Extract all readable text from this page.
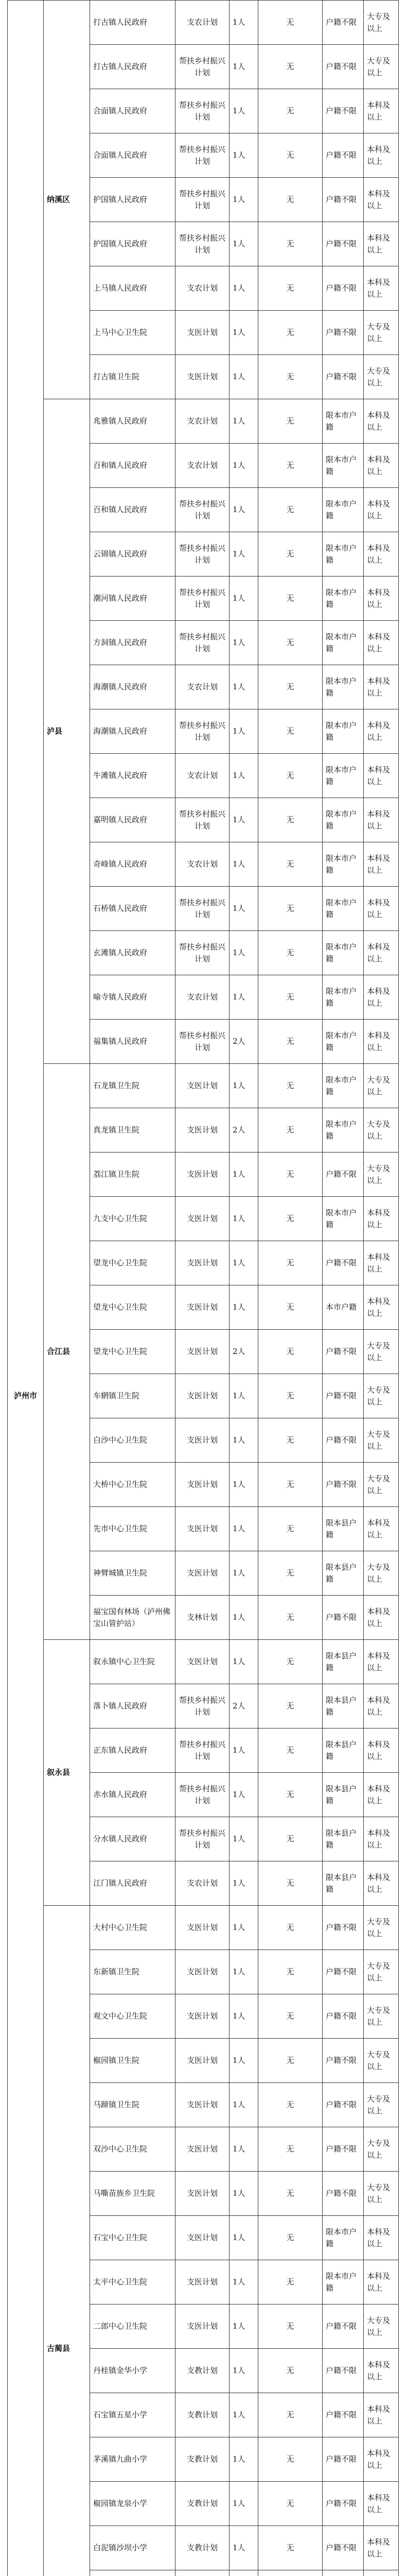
泸州市	纳溪区	打古镇人民政府	支农计划	1人	无	户籍不限	大专及以上
		打古镇人民政府	帮扶乡村振兴计划	1人	无	户籍不限	大专及以上
		合面镇人民政府	帮扶乡村振兴计划	1人	无	户籍不限	本科及以上
		合面镇人民政府	帮扶乡村振兴计划	1人	无	户籍不限	本科及以上
		护国镇人民政府	帮扶乡村振兴计划	1人	无	户籍不限	本科及以上
		护国镇人民政府	帮扶乡村振兴计划	1人	无	户籍不限	本科及以上
		上马镇人民政府	支农计划	1人	无	户籍不限	本科及以上
		上马中心卫生院	支医计划	1人	无	户籍不限	大专及以上
		打古镇卫生院	支医计划	1人	无	户籍不限	大专及以上
	泸县	兆雅镇人民政府	支农计划	1人	无	限本市户籍	本科及以上
		百和镇人民政府	支农计划	1人	无	限本市户籍	本科及以上
		百和镇人民政府	帮扶乡村振兴计划	1人	无	限本市户籍	本科及以上
		云锦镇人民政府	帮扶乡村振兴计划	1人	无	限本市户籍	本科及以上
		潮河镇人民政府	帮扶乡村振兴计划	1人	无	限本市户籍	本科及以上
		方洞镇人民政府	帮扶乡村振兴计划	1人	无	限本市户籍	本科及以上
		海潮镇人民政府	支农计划	1人	无	限本市户籍	本科及以上
		海潮镇人民政府	帮扶乡村振兴计划	1人	无	限本市户籍	本科及以上
		牛滩镇人民政府	支农计划	1人	无	限本市户籍	本科及以上
		嘉明镇人民政府	帮扶乡村振兴计划	1人	无	限本市户籍	本科及以上
		奇峰镇人民政府	支农计划	1人	无	限本市户籍	本科及以上
		石桥镇人民政府	帮扶乡村振兴计划	1人	无	限本市户籍	本科及以上
		玄滩镇人民政府	帮扶乡村振兴计划	1人	无	限本市户籍	本科及以上
		喻寺镇人民政府	支农计划	1人	无	限本市户籍	本科及以上
		福集镇人民政府	帮扶乡村振兴计划	2人	无	限本市户籍	本科及以上
	合江县	石龙镇卫生院	支医计划	1人	无	限本市户籍	大专及以上
		真龙镇卫生院	支医计划	2人	无	限本市户籍	大专及以上
		荔江镇卫生院	支医计划	1人	无	户籍不限	大专及以上
		九支中心卫生院	支医计划	1人	无	限本市户籍	本科及以上
		望龙中心卫生院	支医计划	1人	无	户籍不限	本科及以上
		望龙中心卫生院	支医计划	1人	无	本市户籍	本科及以上
		望龙中心卫生院	支医计划	2人	无	户籍不限	大专及以上
		车辋镇卫生院	支医计划	1人	无	户籍不限	大专及以上
		白沙中心卫生院	支医计划	1人	无	户籍不限	大专及以上
		大桥中心卫生院	支医计划	1人	无	户籍不限	大专及以上
		先市中心卫生院	支医计划	1人	无	限本县户籍	本科及以上
		神臂城镇卫生院	支医计划	1人	无	限本县户籍	大专及以上
		福宝国有林场（泸州佛宝山管护站）	支林计划	1人	无	户籍不限	本科及以上
	叙永县	叙永镇中心卫生院	支医计划	1人	无	限本县户籍	本科及以上
		落卜镇人民政府	帮扶乡村振兴计划	2人	无	限本县户籍	本科及以上
		正东镇人民政府	帮扶乡村振兴计划	1人	无	限本县户籍	本科及以上
		赤水镇人民政府	帮扶乡村振兴计划	1人	无	限本县户籍	本科及以上
		分水镇人民政府	帮扶乡村振兴计划	1人	无	限本县户籍	本科及以上
		江门镇人民政府	支农计划	1人	无	限本县户籍	本科及以上
	古蔺县	大村中心卫生院	支医计划	1人	无	户籍不限	大专及以上
		东新镇卫生院	支医计划	1人	无	户籍不限	大专及以上
		观文中心卫生院	支医计划	1人	无	户籍不限	大专及以上
		椒园镇卫生院	支医计划	1人	无	户籍不限	大专及以上
		马蹄镇卫生院	支医计划	1人	无	户籍不限	大专及以上
		双沙中心卫生院	支医计划	1人	无	户籍不限	大专及以上
		马嘶苗族乡卫生院	支医计划	1人	无	户籍不限	大专及以上
		石宝中心卫生院	支医计划	1人	无	限本市户籍	本科及以上
		太平中心卫生院	支医计划	1人	无	限本市户籍	本科及以上
		二郎中心卫生院	支医计划	1人	无	户籍不限	大专及以上
		丹桂镇金华小学	支教计划	1人	无	户籍不限	本科及以上
		石宝镇五星小学	支教计划	1人	无	户籍不限	本科及以上
		茅溪镇九曲小学	支教计划	1人	无	户籍不限	本科及以上
		椒园镇龙泉小学	支教计划	1人	无	户籍不限	本科及以上
		白泥镇沙坝小学	支教计划	1人	无	户籍不限	本科及以上
